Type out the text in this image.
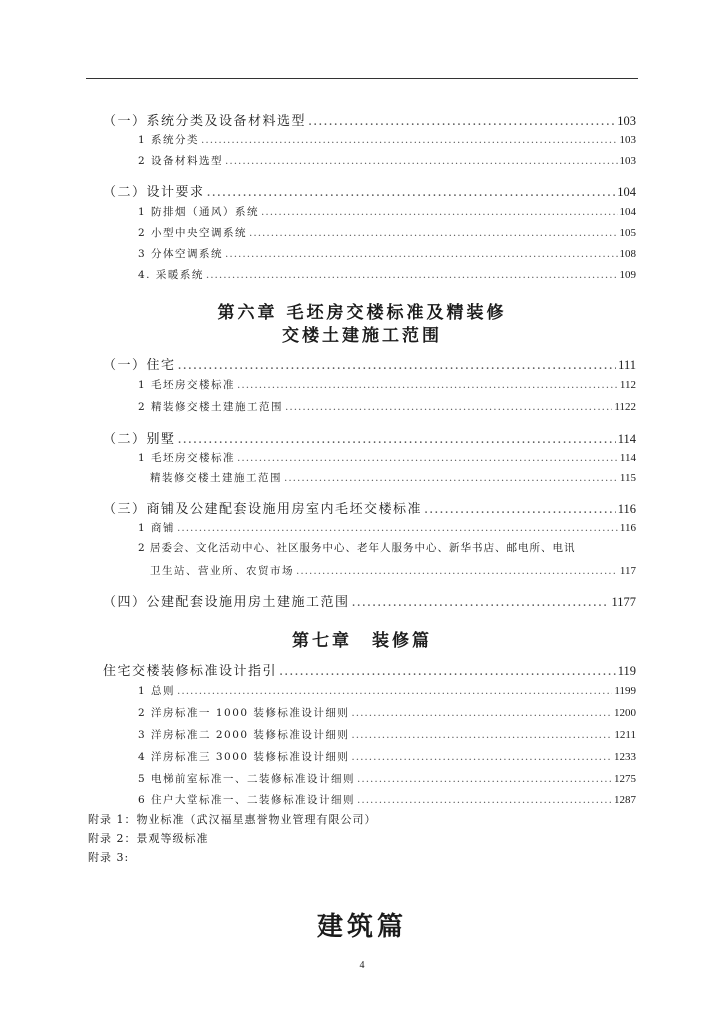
（一）系统分类及设备材料选型 .....	103
1 系统分类 .....	103
2 设备材料选型 .....	103
（二）设计要求 .....	104
1 防排烟（通风）系统 .....	104
2 小型中央空调系统 .....	105
3 分体空调系统 .....	108
4. 采暖系统 .....	109
第六章 毛坯房交楼标准及精装修
交楼土建施工范围
（一）住宅 .....	111
1 毛坯房交楼标准 .....	112
2 精装修交楼土建施工范围 .....	1122
（二）别墅 .....	114
1 毛坯房交楼标准 .....	114
精装修交楼土建施工范围 .....	115
（三）商铺及公建配套设施用房室内毛坯交楼标准 .....	116
1 商铺 .....	116
2 居委会、文化活动中心、社区服务中心、老年人服务中心、新华书店、邮电所、电讯
卫生站、营业所、农贸市场 .....	117
（四）公建配套设施用房土建施工范围 .....	1177
第七章　装修篇
住宅交楼装修标准设计指引 .....	119
1 总则 .....	1199
2 洋房标准一 1000 装修标准设计细则 .....	1200
3 洋房标准二 2000 装修标准设计细则 .....	1211
4 洋房标准三 3000 装修标准设计细则 .....	1233
5 电梯前室标准一、二装修标准设计细则 .....	1275
6 住户大堂标准一、二装修标准设计细则 .....	1287
附录 1：物业标准（武汉福星惠誉物业管理有限公司）
附录 2：景观等级标准
附录 3:
建筑篇
4
